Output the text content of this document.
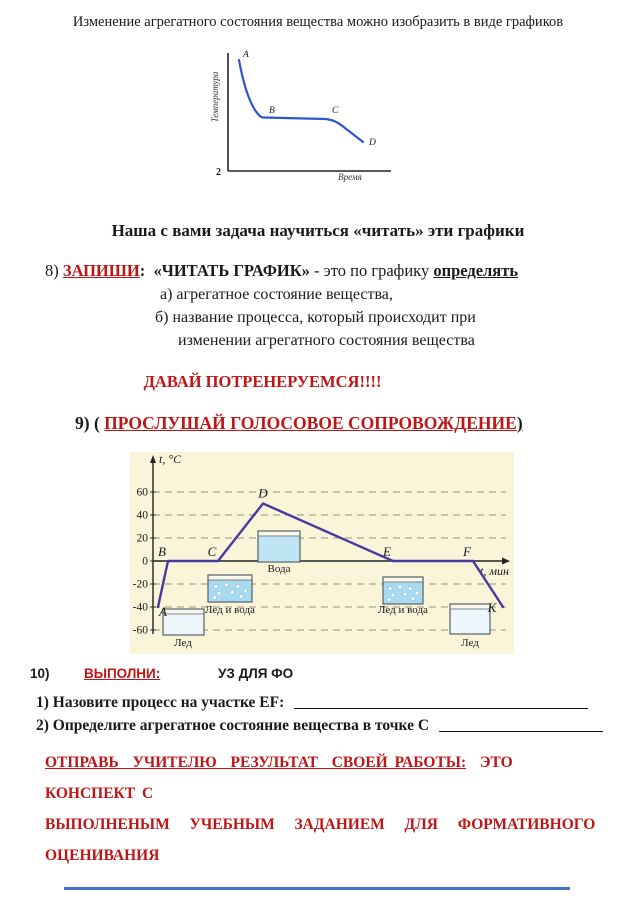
Изменение агрегатного состояния вещества можно изобразить в виде графиков
A
B	C
D
Время
2
Температура
Наша с вами задача научиться «читать» эти графики
8) ЗАПИШИ:  «ЧИТАТЬ ГРАФИК» - это по графику определять
а) агрегатное состояние вещества,
б) название процесса, который происходит при
изменении агрегатного состояния вещества
ДАВАЙ ПОТРЕНЕРУЕМСЯ!!!!
9) ( ПРОСЛУШАЙ ГОЛОСОВОЕ СОПРОВОЖДЕНИЕ)
60
40
20
0
-20
-40
-60
t, °C
t, мин
Лед
Лед и вода
Вода
Лед и вода
Лед
A
B	C
D
E	F
K
10)	ВЫПОЛНИ:	УЗ ДЛЯ ФО
1) Назовите процесс на участке EF:
2) Определите агрегатное состояние вещества в точке C
ОТПРАВЬ  УЧИТЕЛЮ  РЕЗУЛЬТАТ  СВОЕЙ РАБОТЫ:  ЭТО КОНСПЕКТ С
ВЫПОЛНЕНЫМ  УЧЕБНЫМ  ЗАДАНИЕМ  ДЛЯ  ФОРМАТИВНОГО
ОЦЕНИВАНИЯ
